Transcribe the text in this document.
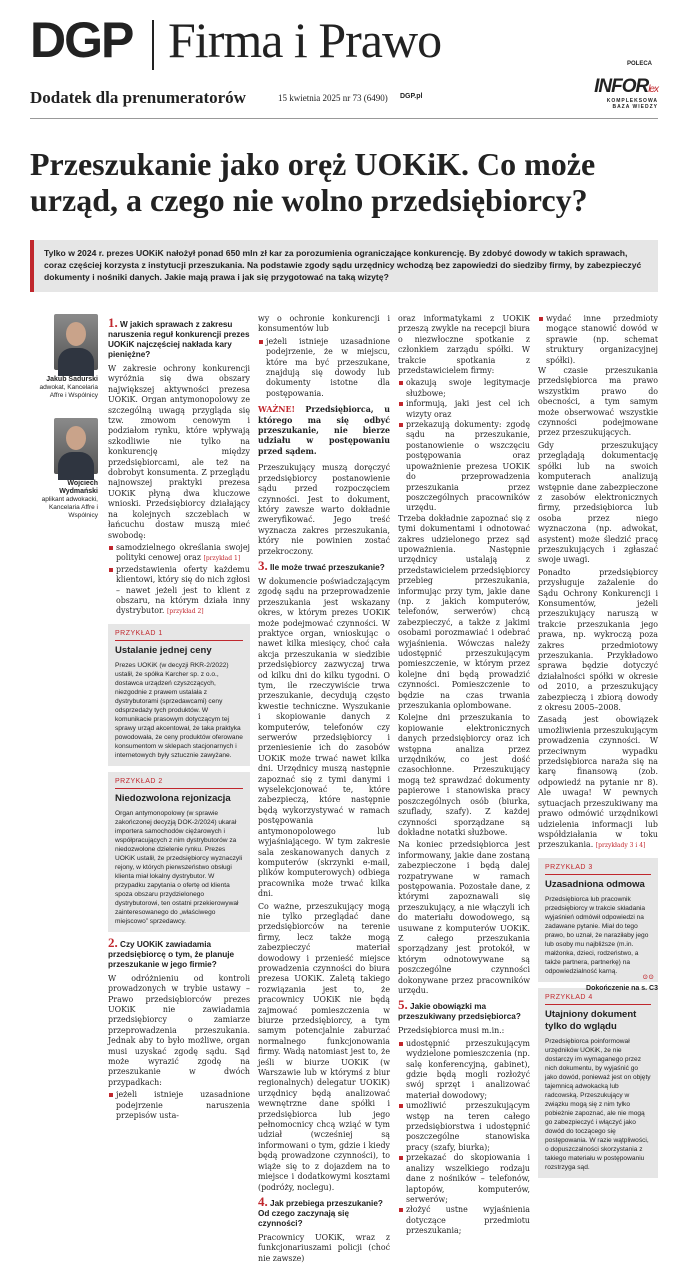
DGP Firma i Prawo
Dodatek dla prenumeratorów	15 kwietnia 2025 nr 73 (6490) DGP.pl
POLECA
INFORlex
KOMPLEKSOWA
BAZA WIEDZY
Przeszukanie jako oręż UOKiK. Co może urząd, a czego nie wolno przedsiębiorcy?
Tylko w 2024 r. prezes UOKiK nałożył ponad 650 mln zł kar za porozumienia ograniczające konkurencję. By zdobyć dowody w takich sprawach, coraz częściej korzysta z instytucji przeszukania. Na podstawie zgody sądu urzędnicy wchodzą bez zapowiedzi do siedziby firmy, by zabezpieczyć dokumenty i nośniki danych. Jakie mają prawa i jak się przygotować na taką wizytę?
Jakub Sadurski
adwokat, Kancelaria Affre i Wspólnicy
Wojciech Wydmański
aplikant adwokacki, Kancelaria Affre i Wspólnicy
1. W jakich sprawach z zakresu naruszenia reguł konkurencji prezes UOKiK najczęściej nakłada kary pieniężne?

W zakresie ochrony konkurencji wyróżnia się dwa obszary największej aktywności prezesa UOKiK. Organ antymonopolowy ze szczególną uwagą przygląda się tzw. zmowom cenowym i podziałom rynku, które wpływają szkodliwie nie tylko na konkurencję między przedsiębiorcami, ale też na dobrobyt konsumenta. Z przeglądu najnowszej praktyki prezesa UOKiK płyną dwa kluczowe wnioski. Przedsiębiorcy działający na kolejnych szczeblach w łańcuchu dostaw muszą mieć swobodę:

samodzielnego określania swojej polityki cenowej oraz [przykład 1]
przedstawienia oferty każdemu klientowi, który się do nich zgłosi – nawet jeżeli jest to klient z obszaru, na którym działa inny dystrybutor. [przykład 2]
PRZYKŁAD 1
Ustalanie jednej ceny
Prezes UOKiK (w decyzji RKR-2/2022) ustalił, że spółka Karcher sp. z o.o., dostawca urządzeń czyszczących, niezgodnie z prawem ustalała z dystrybutorami (sprzedawcami) ceny odsprzedaży tych produktów. W komunikacie prasowym dotyczącym tej sprawy urząd akcentował, że taka praktyka powodowała, że ceny produktów oferowane konsumentom w sklepach stacjonarnych i internetowych były sztucznie zawyżane.
PRZYKŁAD 2
Niedozwolona rejonizacja
Organ antymonopolowy (w sprawie zakończonej decyzją DOK-2/2024) ukarał importera samochodów ciężarowych i współpracujących z nim dystrybutorów za niedozwolone dzielenie rynku. Prezes UOKiK ustalił, że przedsiębiorcy wyznaczyli rejony, w których pierwszeństwo obsługi klienta miał lokalny dystrybutor. W przypadku zapytania o ofertę od klienta spoza obszaru przydzielonego dystrybutorowi, ten ostatni przekierowywał zainteresowanego do „właściwego miejscowo” sprzedawcy.
2. Czy UOKiK zawiadamia przedsiębiorcę o tym, że planuje przeszukanie w jego firmie?

W odróżnieniu od kontroli prowadzonych w trybie ustawy – Prawo przedsiębiorców prezes UOKiK nie zawiadamia przedsiębiorcy o zamiarze przeprowadzenia przeszukania. Jednak aby to było możliwe, organ musi uzyskać zgodę sądu. Sąd może wyrazić zgodę na przeszukanie w dwóch przypadkach:

jeżeli istnieje uzasadnione podejrzenie naruszenia przepisów usta-

wy o ochronie konkurencji i konsumentów lub

jeżeli istnieje uzasadnione podejrzenie, że w miejscu, które ma być przeszukane, znajdują się dowody lub dokumenty istotne dla postępowania.

WAŻNE! Przedsiębiorca, u którego ma się odbyć przeszukanie, nie bierze udziału w postępowaniu przed sądem.

Przeszukujący muszą doręczyć przedsiębiorcy postanowienie sądu przed rozpoczęciem czynności. Jest to dokument, który zawsze warto dokładnie zweryfikować. Jego treść wyznacza zakres przeszukania, który nie powinien zostać przekroczony.

3. Ile może trwać przeszukanie?

W dokumencie poświadczającym zgodę sądu na przeprowadzenie przeszukania jest wskazany okres, w którym prezes UOKiK może podejmować czynności. W praktyce organ, wnioskując o nawet kilka miesięcy, choć cała akcja przeszukania w siedzibie przedsiębiorcy zazwyczaj trwa od kilku dni do kilku tygodni. O tym, ile rzeczywiście trwa przeszukanie, decydują często kwestie techniczne. Wyszukanie i skopiowanie danych z komputerów, telefonów czy serwerów przedsiębiorcy i przeniesienie ich do zasobów UOKiK może trwać nawet kilka dni. Urzędnicy muszą następnie zapoznać się z tymi danymi i wyselekcjonować te, które zabezpieczą, które następnie będą wykorzystywać w ramach postępowania antymonopolowego lub wyjaśniającego. W tym zakresie sala zeskanowanych danych z komputerów (skrzynki e-mail, plików komputerowych) odbiega pracownika może trwać kilka dni.

Co ważne, przeszukujący mogą nie tylko przeglądać dane przedsiębiorców na terenie firmy, lecz także mogą zabezpieczyć materiał dowodowy i przenieść miejsce prowadzenia czynności do biura prezesa UOKiK. Zaletą takiego rozwiązania jest to, że pracownicy UOKiK nie będą zajmować pomieszczenia w biurze przedsiębiorcy, a tym samym potencjalnie zaburzać normalnego funkcjonowania firmy. Wadą natomiast jest to, że jeśli w biurze UOKiK (w Warszawie lub w którymś z biur regionalnych) delegatur UOKiK) urzędnicy będą analizować wewnętrzne dane spółki i przedsiębiorca lub jego pełnomocnicy chcą wziąć w tym udział (wcześniej są informowani o tym, gdzie i kiedy będą prowadzone czynności), to wiąże się to z dojazdem na to miejsce i dodatkowymi kosztami (podróży, noclegu).

4. Jak przebiega przeszukanie? Od czego zaczynają się czynności?

Pracownicy UOKiK, wraz z funkcjonariuszami policji (choć nie zawsze)

oraz informatykami z UOKiK przeszą zwykle na recepcji biura o niezwłoczne spotkanie z członkiem zarządu spółki. W trakcie spotkania z przedstawicielem firmy:

okazują swoje legitymacje służbowe;
informują, jaki jest cel ich wizyty oraz
przekazują dokumenty: zgodę sądu na przeszukanie, postanowienie o wszczęciu postępowania oraz upoważnienie prezesa UOKiK do przeprowadzenia przeszukania przez poszczególnych pracowników urzędu.

Trzeba dokładnie zapoznać się z tymi dokumentami i odnotować zakres udzielonego przez sąd upoważnienia. Następnie urzędnicy ustalają z przedstawicielem przedsiębiorcy przebieg przeszukania, informując przy tym, jakie dane (np. z jakich komputerów, telefonów, serwerów) chcą zabezpieczyć, a także z jakimi osobami porozmawiać i odebrać wyjaśnienia. Wówczas należy udostępnić przeszukującym pomieszczenie, w którym przez kolejne dni będą prowadzić czynności. Pomieszczenie to będzie na czas trwania przeszukania oplombowane.

Kolejne dni przeszukania to kopiowanie elektronicznych danych przedsiębiorcy oraz ich wstępna analiza przez urzędników, co jest dość czasochłonne. Przeszukujący mogą też sprawdzać dokumenty papierowe i stanowiska pracy poszczególnych osób (biurka, szuflady, szafy). Z każdej czynności sporządzane są dokładne notatki służbowe.

Na koniec przedsiębiorca jest informowany, jakie dane zostaną zabezpieczone i będą dalej rozpatrywane w ramach postępowania. Pozostałe dane, z którymi zapoznawali się przeszukujący, a nie włączyli ich do materiału dowodowego, są usuwane z komputerów UOKiK. Z całego przeszukania sporządzany jest protokół, w którym odnotowywane są poszczególne czynności dokonywane przez pracowników urzędu.

5. Jakie obowiązki ma przeszukiwany przedsiębiorca?

Przedsiębiorca musi m.in.:

udostępnić przeszukującym wydzielone pomieszczenia (np. salę konferencyjną, gabinet), gdzie będą mogli rozłożyć swój sprzęt i analizować materiał dowodowy;
umożliwić przeszukującym wstęp na teren całego przedsiębiorstwa i udostępnić poszczególne stanowiska pracy (szafy, biurka);
przekazać do skopiowania i analizy wszelkiego rodzaju dane z nośników – telefonów, laptopów, komputerów, serwerów;
złożyć ustne wyjaśnienia dotyczące przedmiotu przeszukania;
wydać inne przedmioty mogące stanowić dowód w sprawie (np. schemat struktury organizacyjnej spółki).

W czasie przeszukania przedsiębiorca ma prawo wszystkim prawo do obecności, a tym samym może obserwować wszystkie czynności podejmowane przez przeszukujących.

Gdy przeszukujący przeglądają dokumentację spółki lub na swoich komputerach analizują wstępnie dane zabezpieczone z zasobów elektronicznych firmy, przedsiębiorca lub osoba przez niego wyznaczona (np. adwokat, asystent) może śledzić pracę przeszukujących i zgłaszać swoje uwagi.

Ponadto przedsiębiorcy przysługuje zażalenie do Sądu Ochrony Konkurencji i Konsumentów, jeżeli przeszukujący naruszą w trakcie przeszukania jego prawa, np. wykroczą poza zakres przedmiotowy przeszukania. Przykładowo sprawa będzie dotyczyć działalności spółki w okresie od 2010, a przeszukujący zabezpieczą i zbiorą dowody z okresu 2005–2008.

Zasadą jest obowiązek umożliwienia przeszukującym prowadzenia czynności. W przeciwnym wypadku przedsiębiorca naraża się na karę finansową (zob. odpowiedź na pytanie nr 8). Ale uwaga! W pewnych sytuacjach przeszukiwany ma prawo odmówić urzędnikowi udzielenia informacji lub współdziałania w toku przeszukania. [przykłady 3 i 4]

PRZYKŁAD 3
Uzasadniona odmowa
Przedsiębiorca lub pracownik przedsiębiorcy w trakcie składania wyjaśnień odmówił odpowiedzi na zadawane pytanie. Miał do tego prawo, bo uznał, że naraziłaby jego lub osoby mu najbliższe (m.in. małżonka, dzieci, rodzeństwo, a także partnera, partnerkę) na odpowiedzialność karną.
PRZYKŁAD 4
Utajniony dokument tylko do wglądu
Przedsiębiorca poinformował urzędników UOKiK, że nie dostarczy im wymaganego przez nich dokumentu, by wyjaśnić go jako dowód, ponieważ jest on objęty tajemnicą adwokacką lub radcowską. Przeszukujący w związku mogą się z nim tylko pobieżnie zapoznać, ale nie mogą go zabezpieczyć i włączyć jako dowód do toczącego się postępowania. W razie wątpliwości, o dopuszczalności skorzystania z takiego materiału w postępowaniu rozstrzyga sąd.
⊙⊙
Dokończenie na s. C3
